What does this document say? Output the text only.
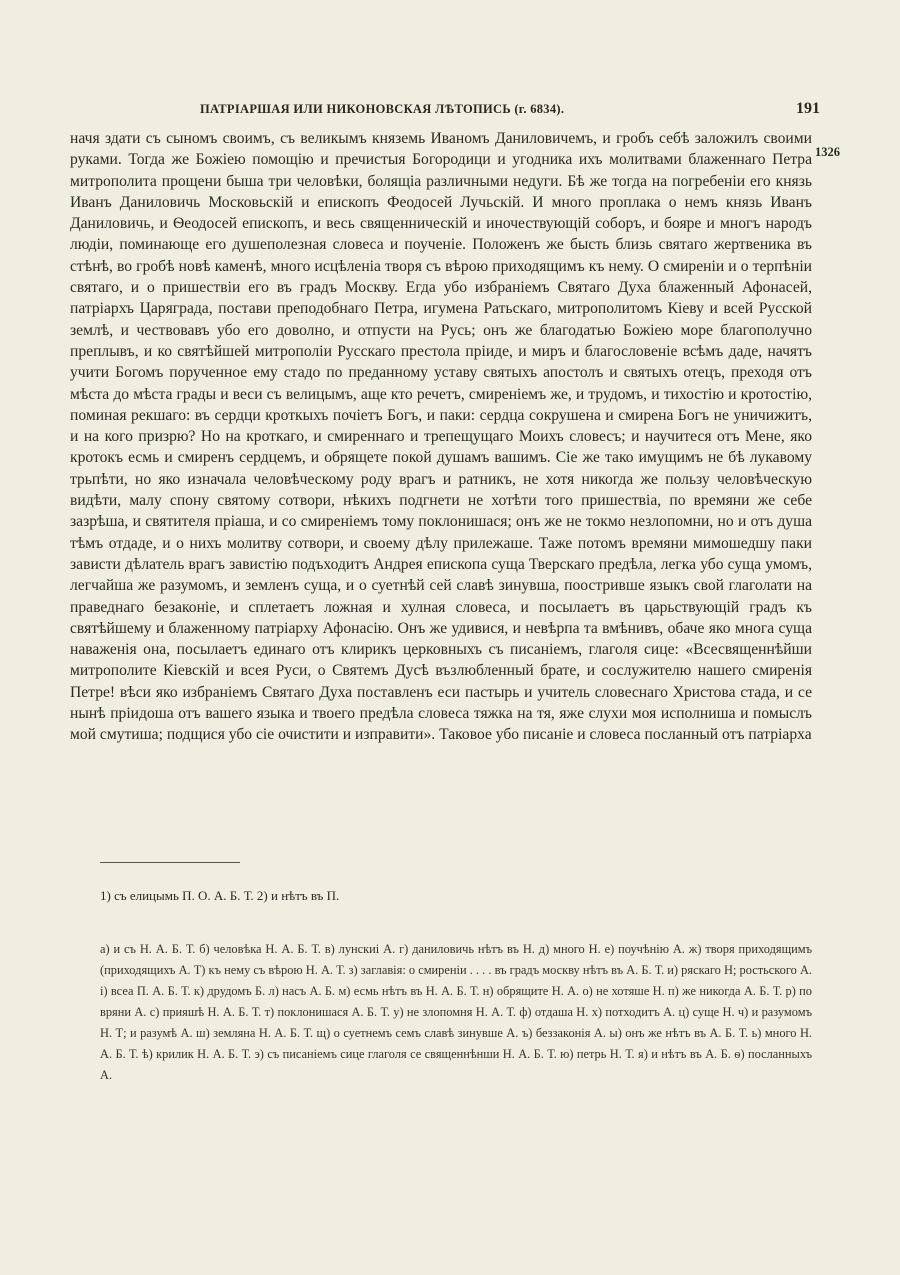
ПАТРІАРШАЯ ИЛИ НИКОНОВСКАЯ ЛѢТОПИСЬ (г. 6834).	191
1326

начя здати съ сыномъ своимъ, съ великымъ княземь Иваномъ Даниловичемъ, и гробъ себѣ заложилъ своими руками. Тогда же Божіею помощію и пречистыя Богородици и угодника ихъ молитвами блаженнаго Петра митрополита прощени быша три человѣки, болящіа различными недуги. Бѣ же тогда на погребеніи его князь Иванъ Даниловичь Московьскій и епископъ Феодосей Лучьскій. И много проплака о немъ князь Иванъ Даниловичь, и Ѳеодосей епископъ, и весь священническій и иночествующій соборъ, и бояре и многъ народъ людіи, поминающе его душеполезная словеса и поученіе. Положенъ же бысть близь святаго жертвеника въ стѣнѣ, во гробѣ новѣ каменѣ, много исцѣленіа творя съ вѣрою приходящимъ къ нему. О смиреніи и о терпѣніи святаго, и о пришествіи его въ градъ Москву. Егда убо избраніемъ Святаго Духа блаженный Афонасей, патріархъ Царяграда, постави преподобнаго Петра, игумена Ратьскаго, митрополитомъ Кіеву и всей Русской землѣ, и чествовавъ убо его доволно, и отпусти на Русь; онъ же благодатью Божіею море благополучно преплывъ, и ко святѣйшей митрополіи Русскаго престола пріиде, и миръ и благословеніе всѣмъ даде, начятъ учити Богомъ порученное ему стадо по преданному уставу святыхъ апостолъ и святыхъ отецъ, преходя отъ мѣста до мѣста грады и веси съ велицымъ, аще кто речетъ, смиреніемъ же, и трудомъ, и тихостію и кротостію, поминая рекшаго: въ сердци кроткыхъ почіетъ Богъ, и паки: сердца сокрушена и смирена Богъ не уничижитъ, и на кого призрю? Но на кроткаго, и смиреннаго и трепещущаго Моихъ словесъ; и научитеся отъ Мене, яко кротокъ есмь и смиренъ сердцемъ, и обрящете покой душамъ вашимъ. Сіе же тако имущимъ не бѣ лукавому трьпѣти, но яко изначала человѣческому роду врагъ и ратникъ, не хотя никогда же пользу человѣческую видѣти, малу спону святому сотвори, нѣкихъ подгнети не хотѣти того пришествіа, по времяни же себе зазрѣша, и святителя пріаша, и со смиреніемъ тому поклонишася; онъ же не токмо незлопомни, но и отъ душа тѣмъ отдаде, и о нихъ молитву сотвори, и своему дѣлу прилежаше. Таже потомъ времяни мимошедшу паки зависти дѣлатель врагъ завистію подъходитъ Андрея епископа суща Тверскаго предѣла, легка убо суща умомъ, легчайша же разумомъ, и земленъ суща, и о суетнѣй сей славѣ зинувша, поостривше языкъ свой глаголати на праведнаго безаконіе, и сплетаетъ ложная и хулная словеса, и посылаетъ въ царьствующій градъ къ святѣйшему и блаженному патріарху Афонасію. Онъ же удивися, и невѣрпа та вмѣнивъ, обаче яко многа суща наваженія она, посылаетъ единаго отъ клирикъ церковныхъ съ писаніемъ, глаголя сице: «Всесвященнѣйши митрополите Кіевскій и всея Руси, о Святемъ Дусѣ възлюбленный брате, и сослужителю нашего смиренія Петре! вѣси яко избраніемъ Святаго Духа поставленъ еси пастырь и учитель словеснаго Христова стада, и се нынѣ пріидоша отъ вашего языка и твоего предѣла словеса тяжка на тя, яже слухи моя исполниша и помыслъ мой смутиша; подщися убо сіе очистити и изправити». Таковое убо писаніе и словеса посланный отъ патріарха

1) съ елицымь П. О. А. Б. Т. 2) и нѣтъ въ П.

а) и съ Н. А. Б. Т. б) человѣка Н. А. Б. Т. в) лунскиі А. г) даниловичь нѣтъ въ Н. д) много Н. е) поучѣнію А. ж) творя приходящимъ (приходящихъ А. Т) къ нему съ вѣрою Н. А. Т. з) заглавія: о смиреніи . . . . въ градъ москву нѣтъ въ А. Б. Т. и) ряскаго Н; ростьского А. і) всеа П. А. Б. Т. к) друдомъ Б. л) насъ А. Б. м) есмь нѣтъ въ Н. А. Б. Т. н) обрящите Н. А. о) не хотяше Н. п) же никогда А. Б. Т. р) по вряни А. с) прияшѣ Н. А. Б. Т. т) поклонишася А. Б. Т. у) не злопомня Н. А. Т. ф) отдаша Н. х) потходитъ А. ц) суще Н. ч) и разумомъ Н. Т; и разумѣ А. ш) землянa Н. А. Б. Т. щ) о суетнемъ семъ славѣ зинувше А. ъ) беззаконія А. ы) онъ же нѣтъ въ А. Б. Т. ь) много Н. А. Б. Т. ѣ) крилик Н. А. Б. Т. э) съ писаніемъ сице глаголя се священнѣнши Н. А. Б. Т. ю) петрь Н. Т. я) и нѣтъ въ А. Б. ѳ) посланныхъ А.
